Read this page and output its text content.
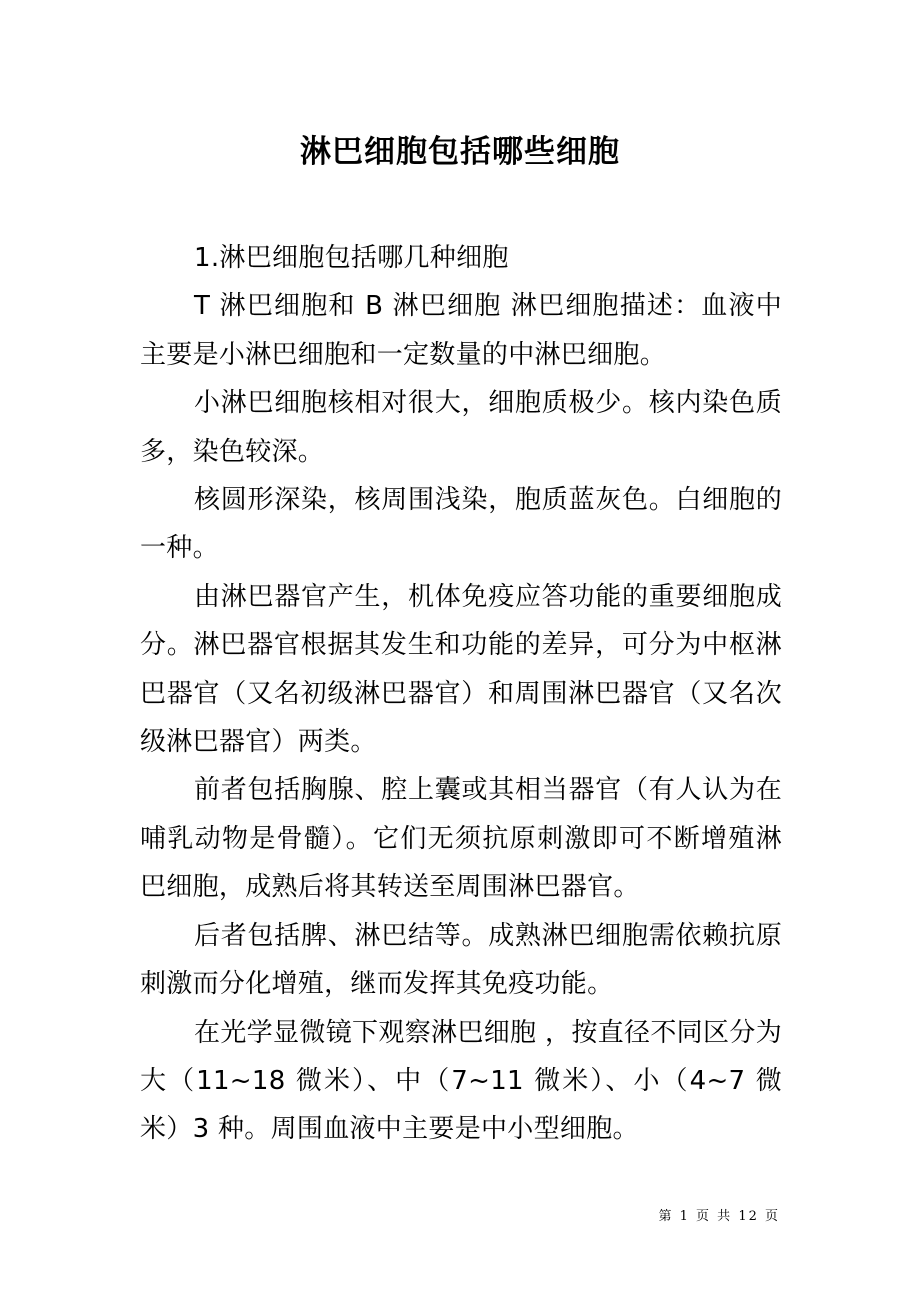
淋巴细胞包括哪些细胞

1.淋巴细胞包括哪几种细胞

T 淋巴细胞和 B 淋巴细胞 淋巴细胞描述：血液中主要是小淋巴细胞和一定数量的中淋巴细胞。

小淋巴细胞核相对很大，细胞质极少。核内染色质多，染色较深。

核圆形深染，核周围浅染，胞质蓝灰色。白细胞的一种。

由淋巴器官产生，机体免疫应答功能的重要细胞成分。淋巴器官根据其发生和功能的差异，可分为中枢淋巴器官（又名初级淋巴器官）和周围淋巴器官（又名次级淋巴器官）两类。

前者包括胸腺、腔上囊或其相当器官（有人认为在哺乳动物是骨髓）。它们无须抗原刺激即可不断增殖淋巴细胞，成熟后将其转送至周围淋巴器官。

后者包括脾、淋巴结等。成熟淋巴细胞需依赖抗原刺激而分化增殖，继而发挥其免疫功能。

在光学显微镜下观察淋巴细胞 ，按直径不同区分为大（11~18 微米）、中（7~11 微米）、小（4~7 微米）3 种。周围血液中主要是中小型细胞。

第 1 页 共 12 页
